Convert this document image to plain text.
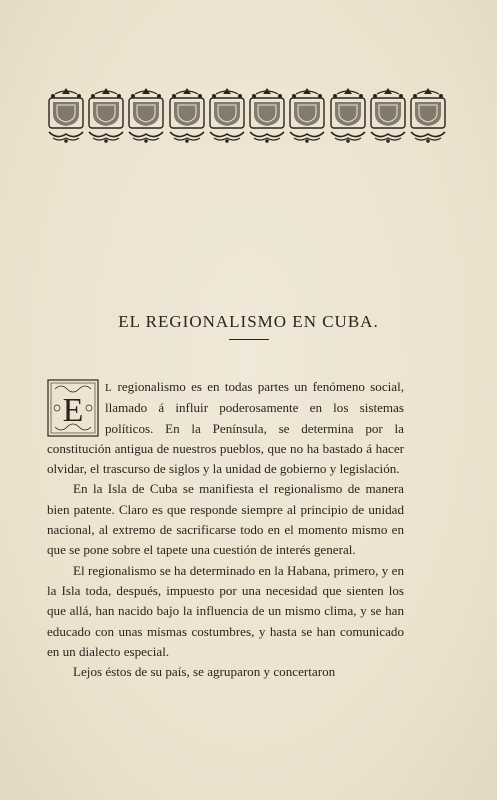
EL REGIONALISMO EN CUBA.
E

L regionalismo es en todas partes un fenómeno social, llamado á influir poderosamente en los sistemas políticos. En la Península, se determina por la constitución antigua de nuestros pueblos, que no ha bastado á hacer olvidar, el trascurso de siglos y la unidad de gobierno y legislación.

En la Isla de Cuba se manifiesta el regionalismo de manera bien patente. Claro es que responde siempre al principio de unidad nacional, al extremo de sacrificarse todo en el momento mismo en que se pone sobre el tapete una cuestión de interés general.

El regionalismo se ha determinado en la Habana, primero, y en la Isla toda, después, impuesto por una necesidad que sienten los que allá, han nacido bajo la influencia de un mismo clima, y se han educado con unas mismas costumbres, y hasta se han comunicado en un dialecto especial.

Lejos éstos de su país, se agruparon y concertaron
